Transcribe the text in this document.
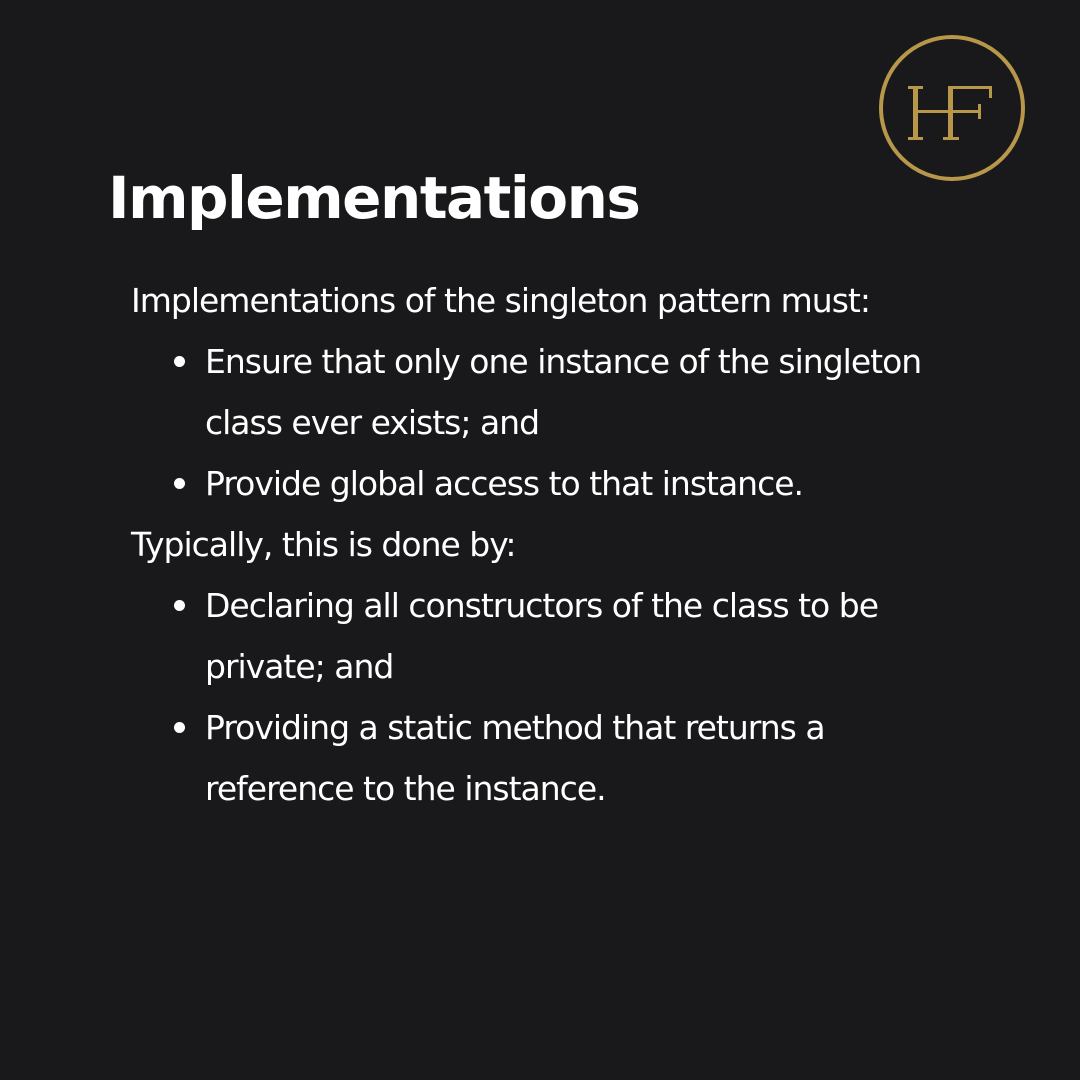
Implementations

Implementations of the singleton pattern must:

Ensure that only one instance of the singleton
class ever exists; and
Provide global access to that instance.

Typically, this is done by:

Declaring all constructors of the class to be
private; and
Providing a static method that returns a
reference to the instance.
